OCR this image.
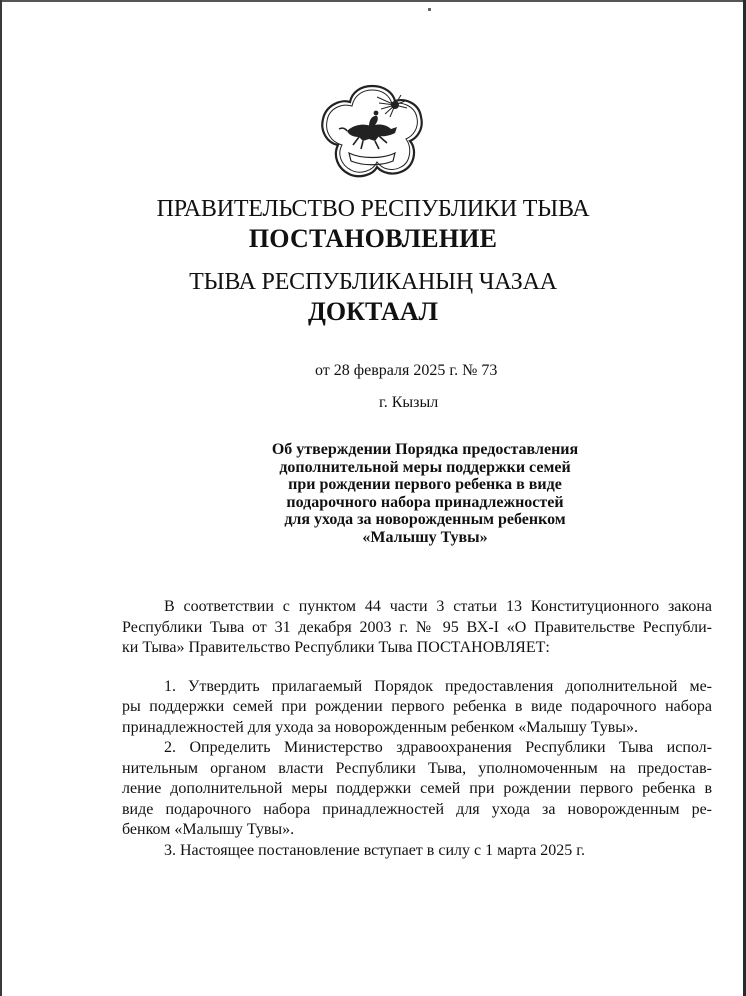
ПРАВИТЕЛЬСТВО РЕСПУБЛИКИ ТЫВА
ПОСТАНОВЛЕНИЕ
ТЫВА РЕСПУБЛИКАНЫҢ ЧАЗАА
ДОКТААЛ
от 28 февраля 2025 г. № 73
г. Кызыл
Об утверждении Порядка предоставления
дополнительной меры поддержки семей
при рождении первого ребенка в виде
подарочного набора принадлежностей
для ухода за новорожденным ребенком
«Малышу Тувы»
В соответствии с пунктом 44 части 3 статьи 13 Конституционного закона
Республики Тыва от 31 декабря 2003 г. № 95 ВХ-I «О Правительстве Республи-
ки Тыва» Правительство Республики Тыва ПОСТАНОВЛЯЕТ:
1. Утвердить прилагаемый Порядок предоставления дополнительной ме-
ры поддержки семей при рождении первого ребенка в виде подарочного набора
принадлежностей для ухода за новорожденным ребенком «Малышу Тувы».
2. Определить Министерство здравоохранения Республики Тыва испол-
нительным органом власти Республики Тыва, уполномоченным на предостав-
ление дополнительной меры поддержки семей при рождении первого ребенка в
виде подарочного набора принадлежностей для ухода за новорожденным ре-
бенком «Малышу Тувы».
3. Настоящее постановление вступает в силу с 1 марта 2025 г.
